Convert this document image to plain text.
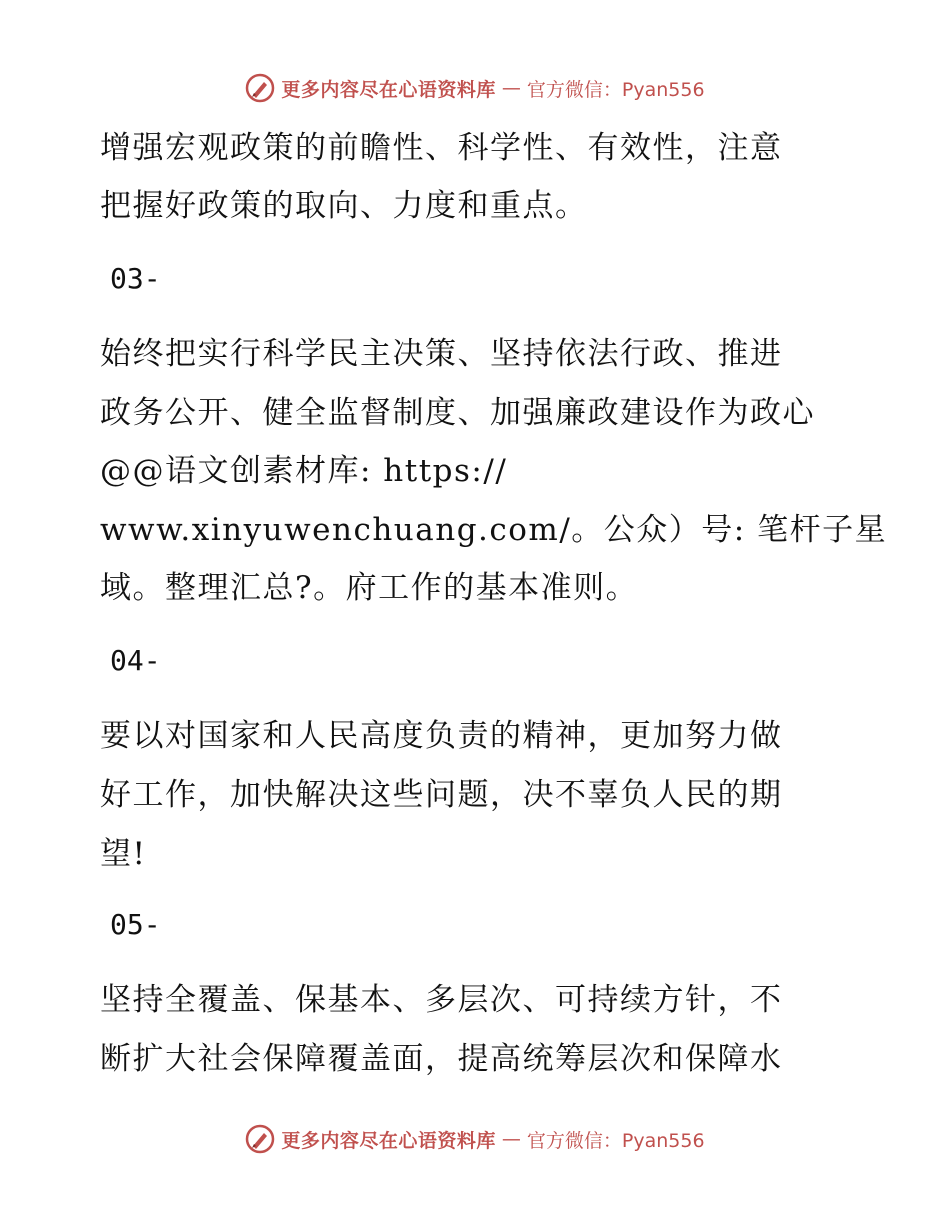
更多内容尽在心语资料库 — 官方微信：Pyan556
增强宏观政策的前瞻性、科学性、有效性，注意
把握好政策的取向、力度和重点。
03-
始终把实行科学民主决策、坚持依法行政、推进
政务公开、健全监督制度、加强廉政建设作为政心
@@语文创素材库: https://
www.xinyuwenchuang.com/。公众）号: 笔杆子星
域。整理汇总?。府工作的基本准则。
04-
要以对国家和人民高度负责的精神，更加努力做
好工作，加快解决这些问题，决不辜负人民的期
望!
05-
坚持全覆盖、保基本、多层次、可持续方针，不
断扩大社会保障覆盖面，提高统筹层次和保障水
更多内容尽在心语资料库 — 官方微信：Pyan556
